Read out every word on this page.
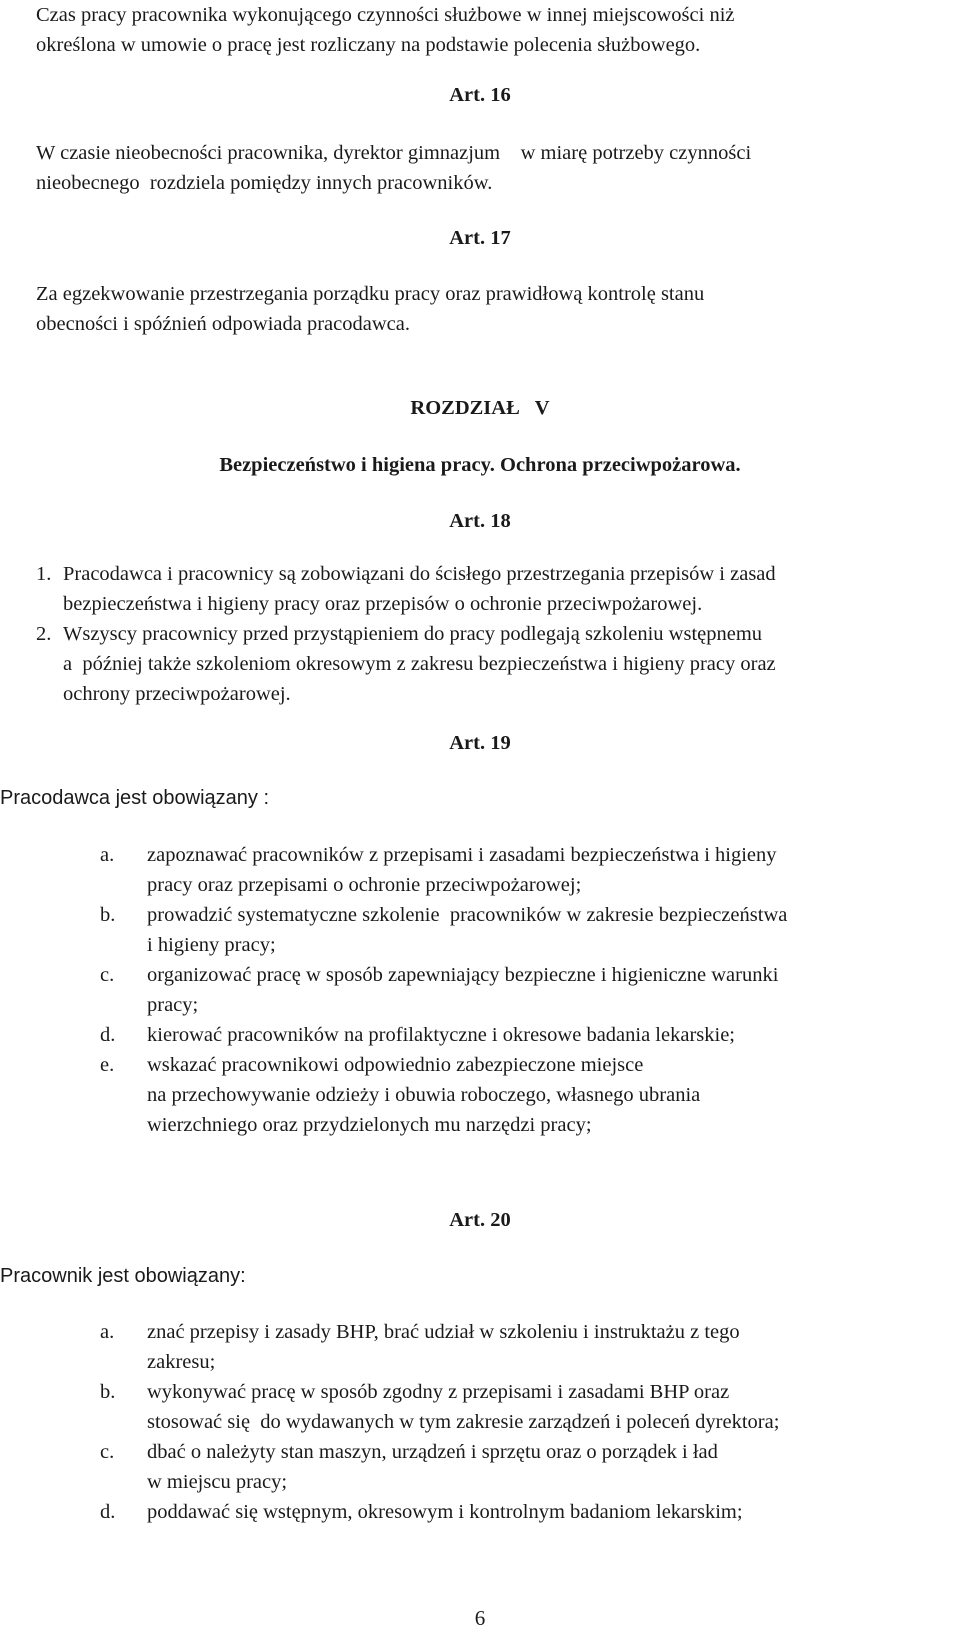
Czas pracy pracownika wykonującego czynności służbowe w innej miejscowości niż
określona w umowie o pracę jest rozliczany na podstawie polecenia służbowego.
Art. 16
W czasie nieobecności pracownika, dyrektor gimnazjum    w miarę potrzeby czynności
nieobecnego  rozdziela pomiędzy innych pracowników.
Art. 17
Za egzekwowanie przestrzegania porządku pracy oraz prawidłową kontrolę stanu
obecności i spóźnień odpowiada pracodawca.
ROZDZIAŁ   V
Bezpieczeństwo i higiena pracy. Ochrona przeciwpożarowa.
Art. 18
1. Pracodawca i pracownicy są zobowiązani do ścisłego przestrzegania przepisów i zasad
bezpieczeństwa i higieny pracy oraz przepisów o ochronie przeciwpożarowej.
2. Wszyscy pracownicy przed przystąpieniem do pracy podlegają szkoleniu wstępnemu
a  później także szkoleniom okresowym z zakresu bezpieczeństwa i higieny pracy oraz
ochrony przeciwpożarowej.
Art. 19
Pracodawca jest obowiązany :
a. zapoznawać pracowników z przepisami i zasadami bezpieczeństwa i higieny
pracy oraz przepisami o ochronie przeciwpożarowej;
b. prowadzić systematyczne szkolenie  pracowników w zakresie bezpieczeństwa
i higieny pracy;
c. organizować pracę w sposób zapewniający bezpieczne i higieniczne warunki
pracy;
d. kierować pracowników na profilaktyczne i okresowe badania lekarskie;
e. wskazać pracownikowi odpowiednio zabezpieczone miejsce
na przechowywanie odzieży i obuwia roboczego, własnego ubrania
wierzchniego oraz przydzielonych mu narzędzi pracy;
Art. 20
Pracownik jest obowiązany:
a. znać przepisy i zasady BHP, brać udział w szkoleniu i instruktażu z tego
zakresu;
b. wykonywać pracę w sposób zgodny z przepisami i zasadami BHP oraz
stosować się  do wydawanych w tym zakresie zarządzeń i poleceń dyrektora;
c. dbać o należyty stan maszyn, urządzeń i sprzętu oraz o porządek i ład
w miejscu pracy;
d. poddawać się wstępnym, okresowym i kontrolnym badaniom lekarskim;
6
